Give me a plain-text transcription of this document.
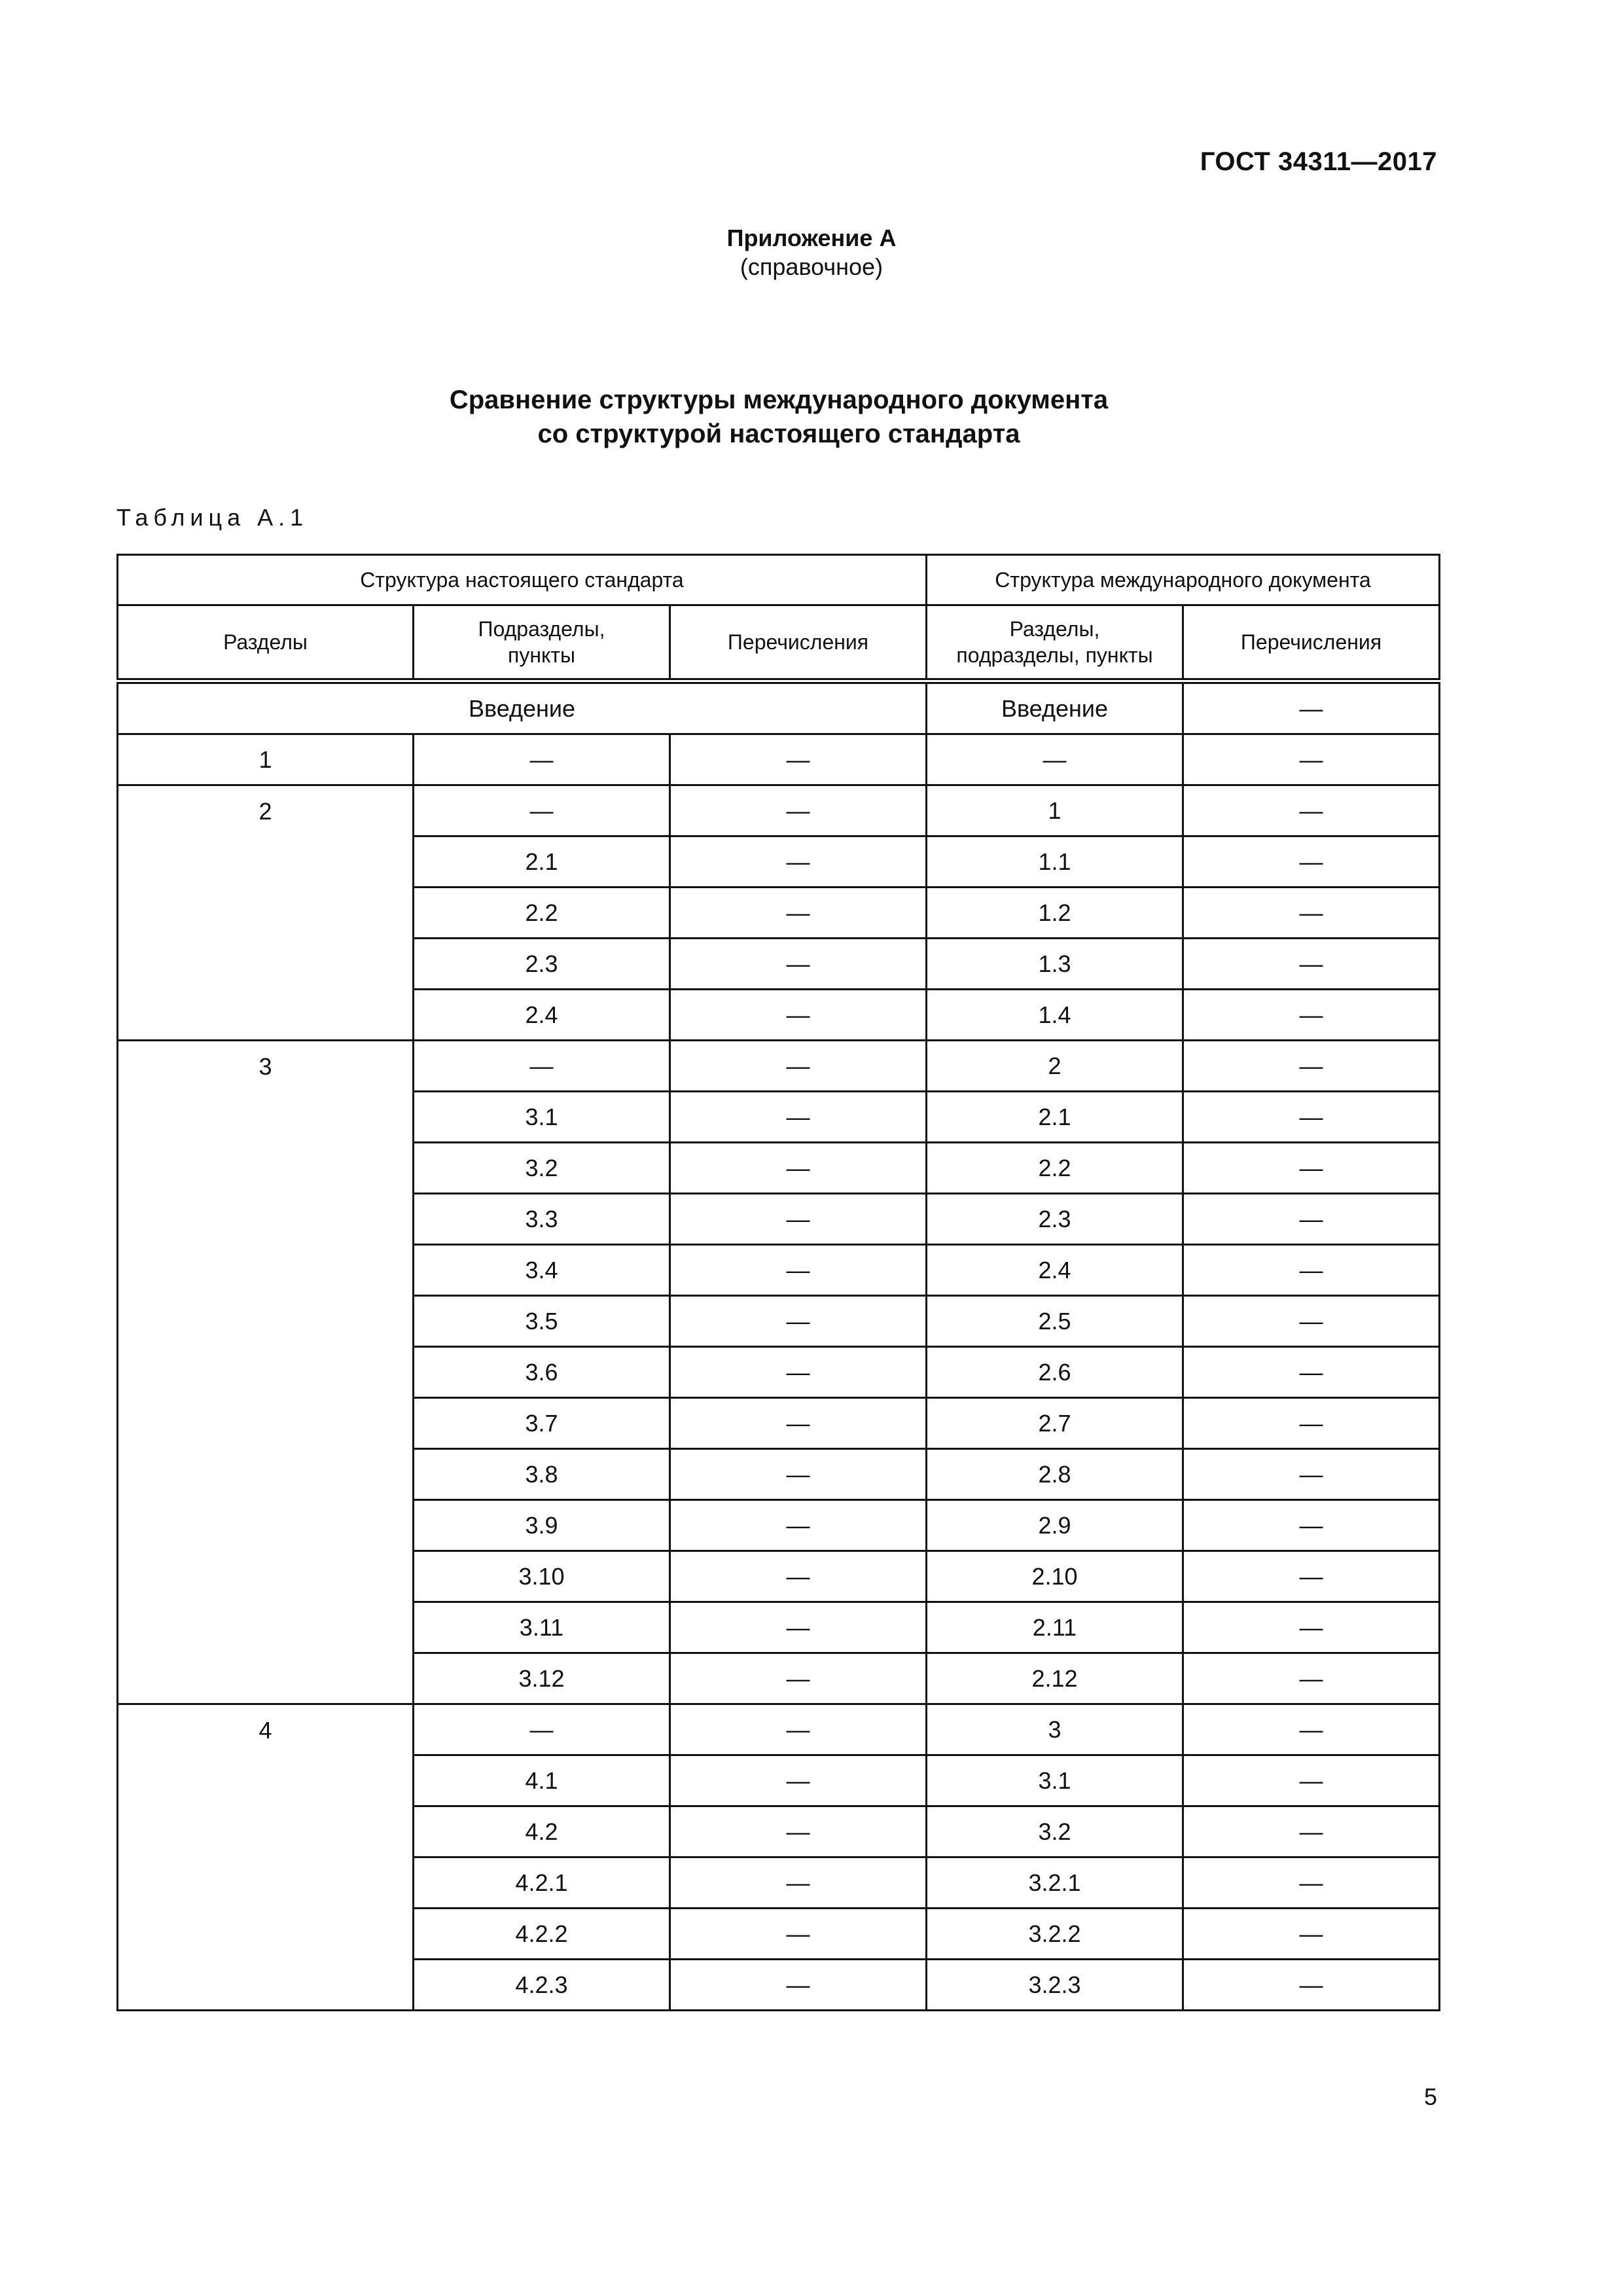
ГОСТ 34311—2017
Приложение А
(справочное)
Сравнение структуры международного документа
со структурой настоящего стандарта
Таблица А.1
Структура настоящего стандарта			Структура международного документа	
Разделы	Подразделы, пункты	Перечисления	Разделы, подразделы, пункты	Перечисления
Введение			Введение	—
1	—	—	—	—
2	—	—	1	—
	2.1	—	1.1	—
	2.2	—	1.2	—
	2.3	—	1.3	—
	2.4	—	1.4	—
3	—	—	2	—
	3.1	—	2.1	—
	3.2	—	2.2	—
	3.3	—	2.3	—
	3.4	—	2.4	—
	3.5	—	2.5	—
	3.6	—	2.6	—
	3.7	—	2.7	—
	3.8	—	2.8	—
	3.9	—	2.9	—
	3.10	—	2.10	—
	3.11	—	2.11	—
	3.12	—	2.12	—
4	—	—	3	—
	4.1	—	3.1	—
	4.2	—	3.2	—
	4.2.1	—	3.2.1	—
	4.2.2	—	3.2.2	—
	4.2.3	—	3.2.3	—
5
